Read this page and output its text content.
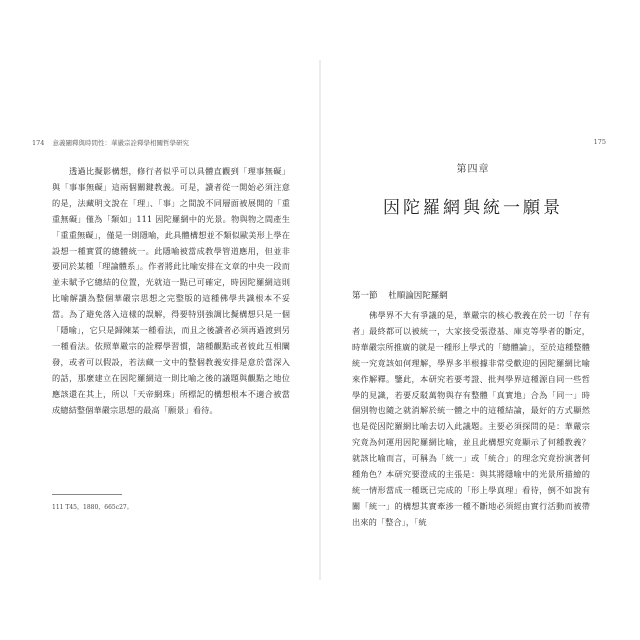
174 意義闡釋與時間性：華嚴宗詮釋學相關哲學研究

透過比擬影構想，修行者似乎可以具體直觀到「理事無礙」與「事事無礙」這兩個關鍵教義。可是，讀者從一開始必須注意的是，法藏明文說在「理」、「事」之間說不同層面被展開的「重重無礙」僅為「類如」111 因陀羅網中的光景。物與物之間產生「重重無礙」，僅是一則隱喻，此具體構想並不類似歐美形上學在設想一種實質的總體統一。此隱喻被當成教學管道應用，但並非要同於某種「理論體系」。作者將此比喻安排在文章的中央一段而並未賦予它總結的位置，光就這一點已可確定，時因陀羅網這則比喻解讀為整個華嚴宗思想之完整版的這種佛學共識根本不妥當。為了避免落入這樣的誤解，得要特別強調比擬構想只是一個「隱喻」，它只是歸陳某一種看法，而且之後讀者必須再過渡到另一種看法。依照華嚴宗的詮釋學習慣，諸種觀點或者彼此互相闡發，或者可以假設，若法藏一文中的整個教義安排是意於當深入的話，那麼建立在因陀羅網這一則比喻之後的議題與觀點之地位應該還在其上，所以「天帝網珠」所標記的構想根本不適合被當成總結整個華嚴宗思想的最高「願景」看待。

111 T45，1880，665c27。
175
第四章
因陀羅網與統一願景
第一節 杜順論因陀羅網

佛學界不大有爭議的是，華嚴宗的核心教義在於一切「存有者」最終都可以被統一，大家接受張澄基、庫克等學者的斷定，時華嚴宗所推廣的就是一種形上學式的「總體論」，至於這種整體統一究竟該如何理解，學界多半根據非常受歡迎的因陀羅網比喻來作解釋。鑒此，本研究若要考證、批判學界這種源自同一些哲學的見識，若要反駁萬物與存有整體「真實地」合為「同一」時個別物也隨之就消解於統一體之中的這種結論，最好的方式顯然也是從因陀羅網比喻去切入此議題。主要必須探問的是：華嚴宗究竟為何運用因陀羅網比喻，並且此構想究竟顯示了何種教義？就該比喻而言，可稱為「統一」或「統合」的理念究竟扮演著何種角色？本研究要澄成的主張是：與其將隱喻中的光景所描繪的統一情形當成一種既已完成的「形上學真理」看待，倒不如說有關「統一」的構想其實牽涉一種不斷地必須經由實行活動而被帶出來的「整合」，「統
